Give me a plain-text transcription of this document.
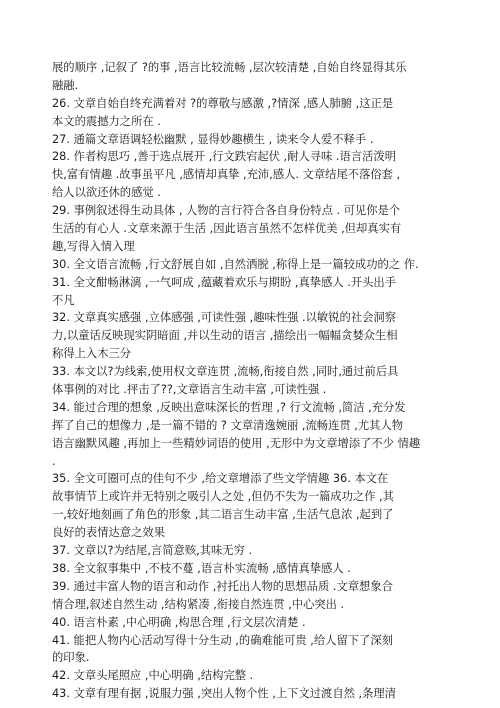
展的顺序 ,记叙了 ?的事 ,语言比较流畅 ,层次较清楚 ,自始自终显得其乐
融融.
26. 文章自始自终充满着对 ?的尊敬与感激 ,?情深 ,感人肺腑 ,这正是
本文的震撼力之所在 .
27. 通篇文章语调轻松幽默 , 显得妙趣横生 , 读来令人爱不释手 .
28. 作者构思巧 ,善于选点展开 ,行文跌宕起伏 ,耐人寻味 .语言活泼明
快,富有情趣 .故事虽平凡 ,感情却真挚 ,充沛,感人. 文章结尾不落俗套 ,
给人以欲还休的感觉 .
29. 事例叙述得生动具体 , 人物的言行符合各自身份特点 . 可见你是个
生活的有心人 .文章来源于生活 ,因此语言虽然不怎样优美 ,但却真实有
趣,写得入情入理
30. 全文语言流畅 ,行文舒展自如 ,自然洒脱 ,称得上是一篇较成功的之 作.
31. 全文酣畅淋漓 ,一气呵成 ,蕴藏着欢乐与期盼 ,真挚感人 .开头出手
不凡
32. 文章真实感强 ,立体感强 ,可读性强 ,趣味性强 .以敏锐的社会洞察
力,以童话反映现实阴暗面 ,并以生动的语言 ,描绘出一幅幅贪婪众生相
称得上入木三分
33. 本文以?为线索,使用权文章连贯 ,流畅,衔接自然 ,同时,通过前后具
体事例的对比 .抨击了??,文章语言生动丰富 ,可读性强 .
34. 能过合理的想象 ,反映出意味深长的哲理 ,? 行文流畅 ,简洁 ,充分发
挥了自己的想像力 ,是一篇不错的 ? 文章清逸婉丽 ,流畅连贯 ,尤其人物
语言幽默风趣 ,再加上一些精妙词语的使用 ,无形中为文章增添了不少 情趣
.
35. 全文可圈可点的佳句不少 ,给文章增添了些文学情趣 36. 本文在
故事情节上或许并无特别之吸引人之处 ,但仍不失为一篇成功之作 ,其
一,较好地刻画了角色的形象 ,其二语言生动丰富 ,生活气息浓 ,起到了
良好的表情达意之效果
37. 文章以?为结尾,言简意赅,其味无穷 .
38. 全文叙事集中 ,不枝不蔓 ,语言朴实流畅 ,感情真挚感人 .
39. 通过丰富人物的语言和动作 ,衬托出人物的思想品质 .文章想象合
情合理,叙述自然生动 ,结构紧凑 ,衔接自然连贯 ,中心突出 .
40. 语言朴素 ,中心明确 ,构思合理 ,行文层次清楚 .
41. 能把人物内心活动写得十分生动 ,的确难能可贵 ,给人留下了深刻
的印象.
42. 文章头尾照应 ,中心明确 ,结构完整 .
43. 文章有理有据 ,说服力强 ,突出人物个性 ,上下文过渡自然 ,条理清
